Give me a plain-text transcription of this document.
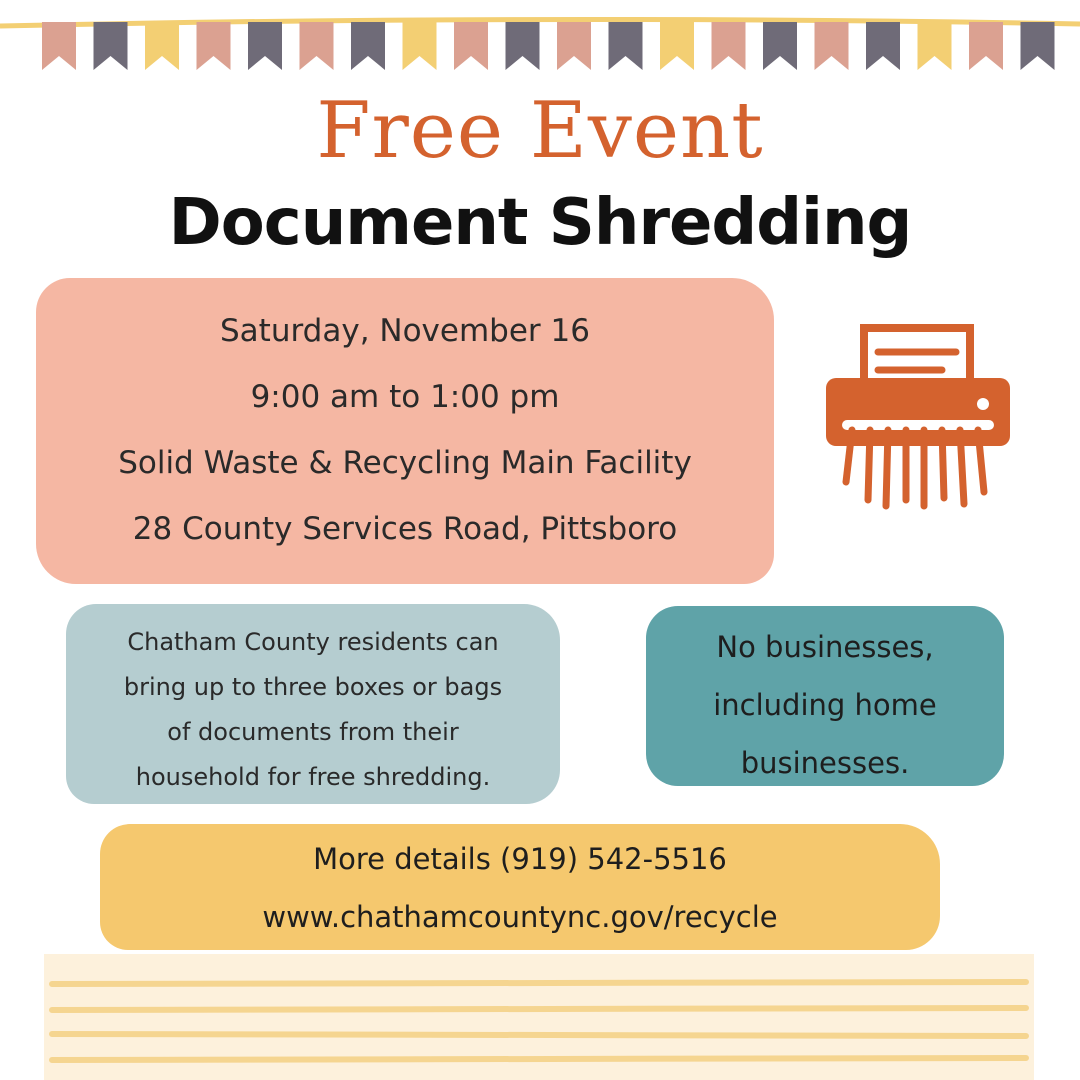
Free Event
Document Shredding
Saturday, November 16
9:00 am to 1:00 pm
Solid Waste & Recycling Main Facility
28 County Services Road, Pittsboro
Chatham County residents can
bring up to three boxes or bags
of documents from their
household for free shredding.
No businesses,
including home
businesses.
More details (919) 542-5516
www.chathamcountync.gov/recycle
